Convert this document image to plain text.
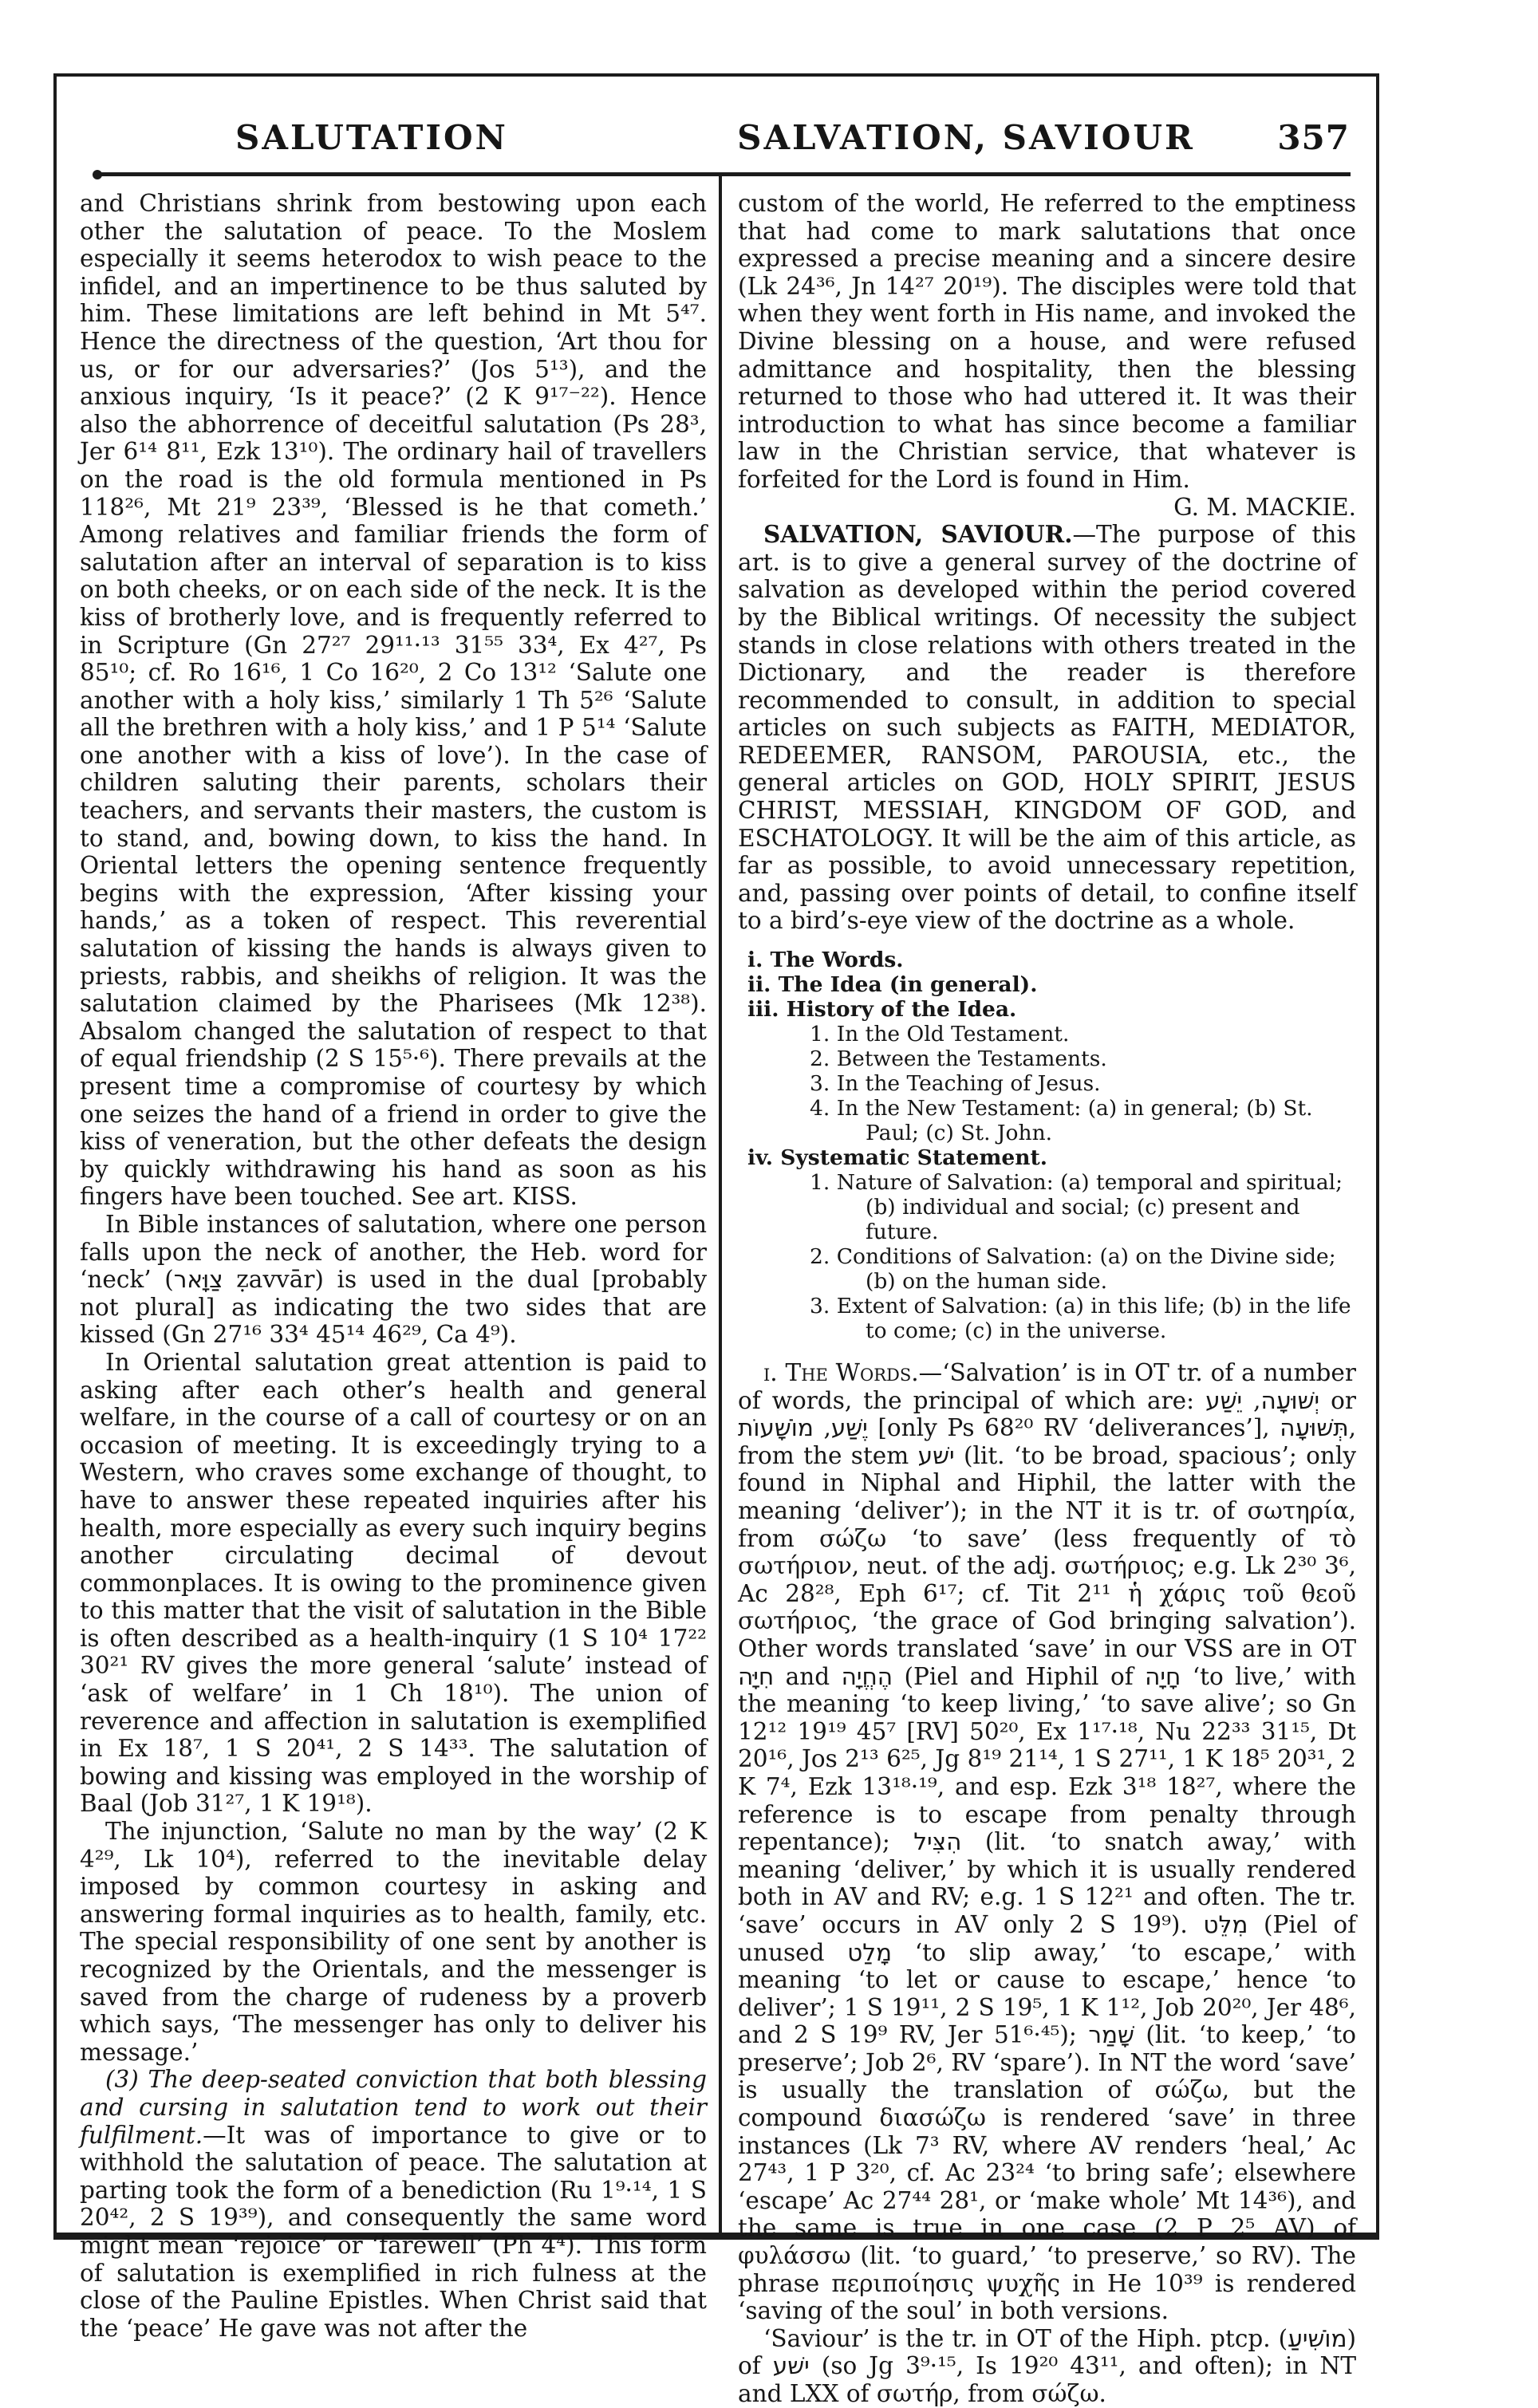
SALUTATION	SALVATION, SAVIOUR	357

and Christians shrink from bestowing upon each other the salutation of peace. To the Moslem especially it seems heterodox to wish peace to the infidel, and an impertinence to be thus saluted by him. These limitations are left behind in Mt 5⁴⁷. Hence the directness of the question, ‘Art thou for us, or for our adversaries?’ (Jos 5¹³), and the anxious inquiry, ‘Is it peace?’ (2 K 9¹⁷⁻²²). Hence also the abhorrence of deceitful salutation (Ps 28³, Jer 6¹⁴ 8¹¹, Ezk 13¹⁰). The ordinary hail of travellers on the road is the old formula mentioned in Ps 118²⁶, Mt 21⁹ 23³⁹, ‘Blessed is he that cometh.’ Among relatives and familiar friends the form of salutation after an interval of separation is to kiss on both cheeks, or on each side of the neck. It is the kiss of brotherly love, and is frequently referred to in Scripture (Gn 27²⁷ 29¹¹·¹³ 31⁵⁵ 33⁴, Ex 4²⁷, Ps 85¹⁰; cf. Ro 16¹⁶, 1 Co 16²⁰, 2 Co 13¹² ‘Salute one another with a holy kiss,’ similarly 1 Th 5²⁶ ‘Salute all the brethren with a holy kiss,’ and 1 P 5¹⁴ ‘Salute one another with a kiss of love’). In the case of children saluting their parents, scholars their teachers, and servants their masters, the custom is to stand, and, bowing down, to kiss the hand. In Oriental letters the opening sentence frequently begins with the expression, ‘After kissing your hands,’ as a token of respect. This reverential salutation of kissing the hands is always given to priests, rabbis, and sheikhs of religion. It was the salutation claimed by the Pharisees (Mk 12³⁸). Absalom changed the salutation of respect to that of equal friendship (2 S 15⁵·⁶). There prevails at the present time a compromise of courtesy by which one seizes the hand of a friend in order to give the kiss of veneration, but the other defeats the design by quickly withdrawing his hand as soon as his fingers have been touched. See art. KISS.

In Bible instances of salutation, where one person falls upon the neck of another, the Heb. word for ‘neck’ (צַוָּאר ẓavvār) is used in the dual [probably not plural] as indicating the two sides that are kissed (Gn 27¹⁶ 33⁴ 45¹⁴ 46²⁹, Ca 4⁹).

In Oriental salutation great attention is paid to asking after each other’s health and general welfare, in the course of a call of courtesy or on an occasion of meeting. It is exceedingly trying to a Western, who craves some exchange of thought, to have to answer these repeated inquiries after his health, more especially as every such inquiry begins another circulating decimal of devout commonplaces. It is owing to the prominence given to this matter that the visit of salutation in the Bible is often described as a health-inquiry (1 S 10⁴ 17²² 30²¹ RV gives the more general ‘salute’ instead of ‘ask of welfare’ in 1 Ch 18¹⁰). The union of reverence and affection in salutation is exemplified in Ex 18⁷, 1 S 20⁴¹, 2 S 14³³. The salutation of bowing and kissing was employed in the worship of Baal (Job 31²⁷, 1 K 19¹⁸).

The injunction, ‘Salute no man by the way’ (2 K 4²⁹, Lk 10⁴), referred to the inevitable delay imposed by common courtesy in asking and answering formal inquiries as to health, family, etc. The special responsibility of one sent by another is recognized by the Orientals, and the messenger is saved from the charge of rudeness by a proverb which says, ‘The messenger has only to deliver his message.’

(3) The deep-seated conviction that both blessing and cursing in salutation tend to work out their fulfilment.—It was of importance to give or to withhold the salutation of peace. The salutation at parting took the form of a benediction (Ru 1⁹·¹⁴, 1 S 20⁴², 2 S 19³⁹), and consequently the same word might mean ‘rejoice’ or ‘farewell’ (Ph 4⁴). This form of salutation is exemplified in rich fulness at the close of the Pauline Epistles. When Christ said that the ‘peace’ He gave was not after the

custom of the world, He referred to the emptiness that had come to mark salutations that once expressed a precise meaning and a sincere desire (Lk 24³⁶, Jn 14²⁷ 20¹⁹). The disciples were told that when they went forth in His name, and invoked the Divine blessing on a house, and were refused admittance and hospitality, then the blessing returned to those who had uttered it. It was their introduction to what has since become a familiar law in the Christian service, that whatever is forfeited for the Lord is found in Him.

G. M. MACKIE.

SALVATION, SAVIOUR.—The purpose of this art. is to give a general survey of the doctrine of salvation as developed within the period covered by the Biblical writings. Of necessity the subject stands in close relations with others treated in the Dictionary, and the reader is therefore recommended to consult, in addition to special articles on such subjects as FAITH, MEDIATOR, REDEEMER, RANSOM, PAROUSIA, etc., the general articles on GOD, HOLY SPIRIT, JESUS CHRIST, MESSIAH, KINGDOM OF GOD, and ESCHATOLOGY. It will be the aim of this article, as far as possible, to avoid unnecessary repetition, and, passing over points of detail, to confine itself to a bird’s-eye view of the doctrine as a whole.

i. The Words.
ii. The Idea (in general).
iii. History of the Idea.
1. In the Old Testament.
2. Between the Testaments.
3. In the Teaching of Jesus.
4. In the New Testament: (a) in general; (b) St. Paul; (c) St. John.
iv. Systematic Statement.
1. Nature of Salvation: (a) temporal and spiritual; (b) individual and social; (c) present and future.
2. Conditions of Salvation: (a) on the Divine side; (b) on the human side.
3. Extent of Salvation: (a) in this life; (b) in the life to come; (c) in the universe.

i. The Words.—‘Salvation’ is in OT tr. of a number of words, the principal of which are: יְשׁוּעָה, יֵשַׁע or יֶשַׁע, מוֹשָׁעוֹת [only Ps 68²⁰ RV ‘deliverances’], תְּשׁוּעָה, from the stem ישׁע (lit. ‘to be broad, spacious’; only found in Niphal and Hiphil, the latter with the meaning ‘deliver’); in the NT it is tr. of σωτηρία, from σώζω ‘to save’ (less frequently of τὸ σωτήριον, neut. of the adj. σωτήριος; e.g. Lk 2³⁰ 3⁶, Ac 28²⁸, Eph 6¹⁷; cf. Tit 2¹¹ ἡ χάρις τοῦ θεοῦ σωτήριος, ‘the grace of God bringing salvation’). Other words translated ‘save’ in our VSS are in OT חִיָּה and הֶחֱיָה (Piel and Hiphil of חָיָה ‘to live,’ with the meaning ‘to keep living,’ ‘to save alive’; so Gn 12¹² 19¹⁹ 45⁷ [RV] 50²⁰, Ex 1¹⁷·¹⁸, Nu 22³³ 31¹⁵, Dt 20¹⁶, Jos 2¹³ 6²⁵, Jg 8¹⁹ 21¹⁴, 1 S 27¹¹, 1 K 18⁵ 20³¹, 2 K 7⁴, Ezk 13¹⁸·¹⁹, and esp. Ezk 3¹⁸ 18²⁷, where the reference is to escape from penalty through repentance); הִצִּיל (lit. ‘to snatch away,’ with meaning ‘deliver,’ by which it is usually rendered both in AV and RV; e.g. 1 S 12²¹ and often. The tr. ‘save’ occurs in AV only 2 S 19⁹). מִלֵּט (Piel of unused מָלַט ‘to slip away,’ ‘to escape,’ with meaning ‘to let or cause to escape,’ hence ‘to deliver’; 1 S 19¹¹, 2 S 19⁵, 1 K 1¹², Job 20²⁰, Jer 48⁶, and 2 S 19⁹ RV, Jer 51⁶·⁴⁵); שָׁמַר (lit. ‘to keep,’ ‘to preserve’; Job 2⁶, RV ‘spare’). In NT the word ‘save’ is usually the translation of σώζω, but the compound διασώζω is rendered ‘save’ in three instances (Lk 7³ RV, where AV renders ‘heal,’ Ac 27⁴³, 1 P 3²⁰, cf. Ac 23²⁴ ‘to bring safe’; elsewhere ‘escape’ Ac 27⁴⁴ 28¹, or ‘make whole’ Mt 14³⁶), and the same is true in one case (2 P 2⁵ AV) of φυλάσσω (lit. ‘to guard,’ ‘to preserve,’ so RV). The phrase περιποίησις ψυχῆς in He 10³⁹ is rendered ‘saving of the soul’ in both versions.

‘Saviour’ is the tr. in OT of the Hiph. ptcp. (מוֹשִׁיעַ) of ישׁע (so Jg 3⁹·¹⁵, Is 19²⁰ 43¹¹, and often); in NT and LXX of σωτήρ, from σώζω.
